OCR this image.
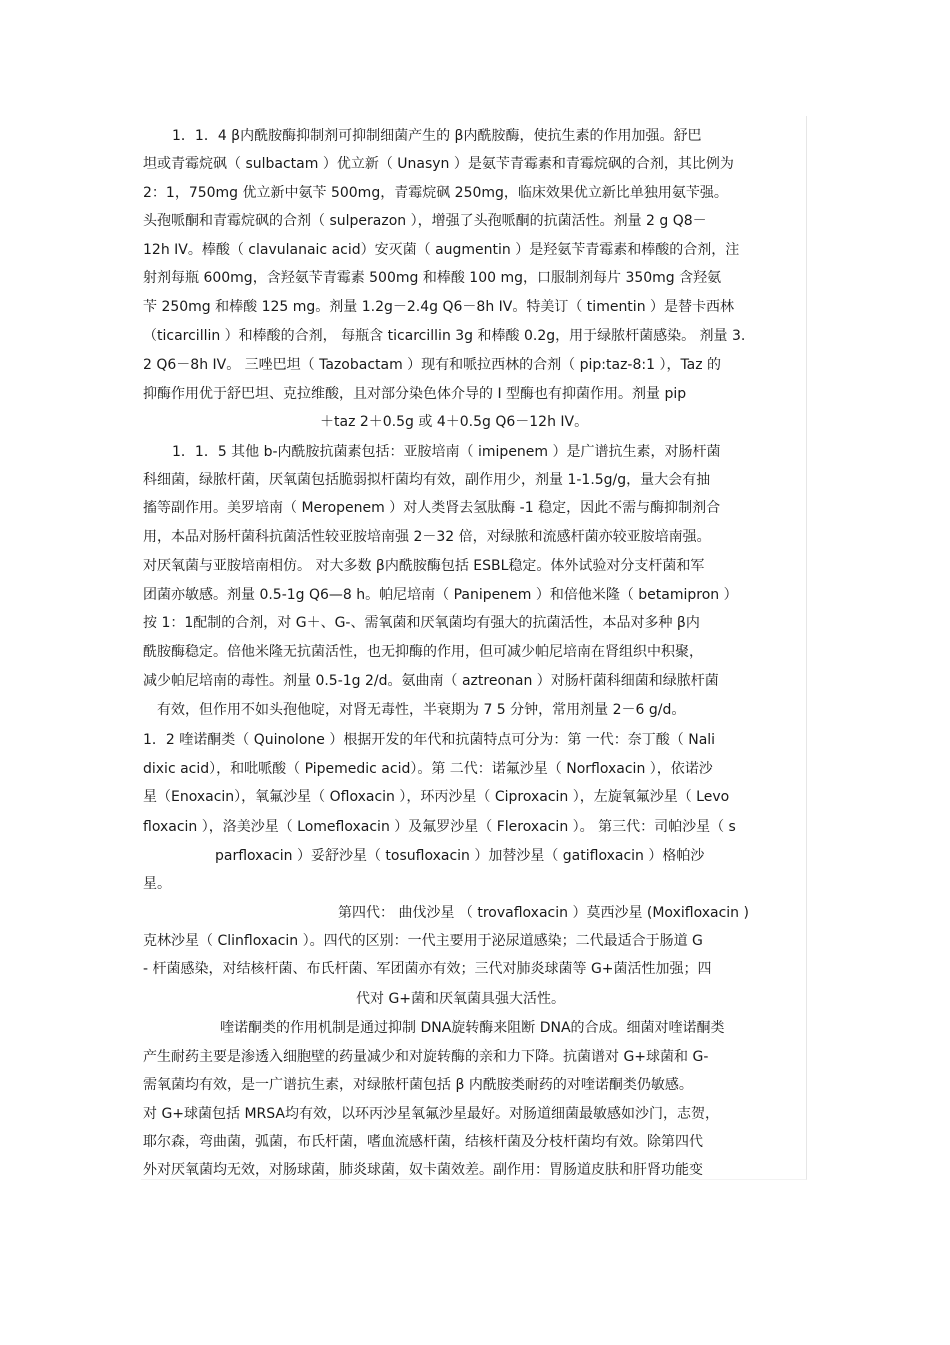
1．1．4 β内酰胺酶抑制剂可抑制细菌产生的 β内酰胺酶，使抗生素的作用加强。舒巴
坦或青霉烷砜（ sulbactam ）优立新（ Unasyn ）是氨苄青霉素和青霉烷砜的合剂，其比例为
2：1，750mg 优立新中氨苄 500mg，青霉烷砜 250mg，临床效果优立新比单独用氨苄强。
头孢哌酮和青霉烷砜的合剂（ sulperazon ），增强了头孢哌酮的抗菌活性。剂量 2 g Q8－
12h IV。棒酸（ clavulanaic acid）安灭菌（ augmentin ）是羟氨苄青霉素和棒酸的合剂，注
射剂每瓶 600mg，含羟氨苄青霉素 500mg 和棒酸 100 mg，口服制剂每片 350mg 含羟氨
苄 250mg 和棒酸 125 mg。剂量 1.2g－2.4g Q6－8h IV。特美订（ timentin ）是替卡西林
（ticarcillin ）和棒酸的合剂， 每瓶含 ticarcillin 3g 和棒酸 0.2g，用于绿脓杆菌感染。 剂量 3.
2 Q6－8h IV。 三唑巴坦（ Tazobactam ）现有和哌拉西林的合剂（ pip:taz-8:1 ），Taz 的
抑酶作用优于舒巴坦、克拉维酸，且对部分染色体介导的 I 型酶也有抑菌作用。剂量 pip
＋taz 2＋0.5g 或 4＋0.5g Q6－12h IV。
1．1．5 其他 b-内酰胺抗菌素包括：亚胺培南（ imipenem ）是广谱抗生素，对肠杆菌
科细菌，绿脓杆菌，厌氧菌包括脆弱拟杆菌均有效，副作用少，剂量 1-1.5g/g，量大会有抽
搐等副作用。美罗培南（ Meropenem ）对人类肾去氢肽酶 -1 稳定，因此不需与酶抑制剂合
用，本品对肠杆菌科抗菌活性较亚胺培南强 2－32 倍，对绿脓和流感杆菌亦较亚胺培南强。
对厌氧菌与亚胺培南相仿。 对大多数 β内酰胺酶包括 ESBL稳定。体外试验对分支杆菌和军
团菌亦敏感。剂量 0.5-1g Q6—8 h。帕尼培南（ Panipenem ）和倍他米隆（ betamipron ）
按 1：1配制的合剂，对 G＋、G-、需氧菌和厌氧菌均有强大的抗菌活性，本品对多种 β内
酰胺酶稳定。倍他米隆无抗菌活性，也无抑酶的作用，但可减少帕尼培南在肾组织中积聚，
减少帕尼培南的毒性。剂量 0.5-1g 2/d。氨曲南（ aztreonan ）对肠杆菌科细菌和绿脓杆菌
有效，但作用不如头孢他啶，对肾无毒性，半衰期为 7 5 分钟，常用剂量 2－6 g/d。
1．2 喹诺酮类（ Quinolone ）根据开发的年代和抗菌特点可分为：第 一代：奈丁酸（ Nali
dixic acid），和吡哌酸（ Pipemedic acid）。第 二代：诺氟沙星（ Norfloxacin ），依诺沙
星（Enoxacin），氧氟沙星（ Ofloxacin ），环丙沙星（ Ciproxacin ），左旋氧氟沙星（ Levo
floxacin ），洛美沙星（ Lomefloxacin ）及氟罗沙星（ Fleroxacin ）。 第三代：司帕沙星（ s
parfloxacin ）妥舒沙星（ tosufloxacin ）加替沙星（ gatifloxacin ）格帕沙
星。
第四代： 曲伐沙星 （ trovafloxacin ）莫西沙星 (Moxifloxacin )
克林沙星（ Clinfloxacin ）。四代的区别：一代主要用于泌尿道感染；二代最适合于肠道 G
- 杆菌感染，对结核杆菌、布氏杆菌、军团菌亦有效；三代对肺炎球菌等 G+菌活性加强；四
代对 G+菌和厌氧菌具强大活性。
喹诺酮类的作用机制是通过抑制 DNA旋转酶来阻断 DNA的合成。细菌对喹诺酮类
产生耐药主要是渗透入细胞壁的药量减少和对旋转酶的亲和力下降。抗菌谱对 G+球菌和 G-
需氧菌均有效，是一广谱抗生素，对绿脓杆菌包括 β 内酰胺类耐药的对喹诺酮类仍敏感。
对 G+球菌包括 MRSA均有效，以环丙沙星氧氟沙星最好。对肠道细菌最敏感如沙门，志贺，
耶尔森，弯曲菌，弧菌，布氏杆菌，嗜血流感杆菌，结核杆菌及分枝杆菌均有效。除第四代
外对厌氧菌均无效，对肠球菌，肺炎球菌，奴卡菌效差。副作用：胃肠道皮肤和肝肾功能变
